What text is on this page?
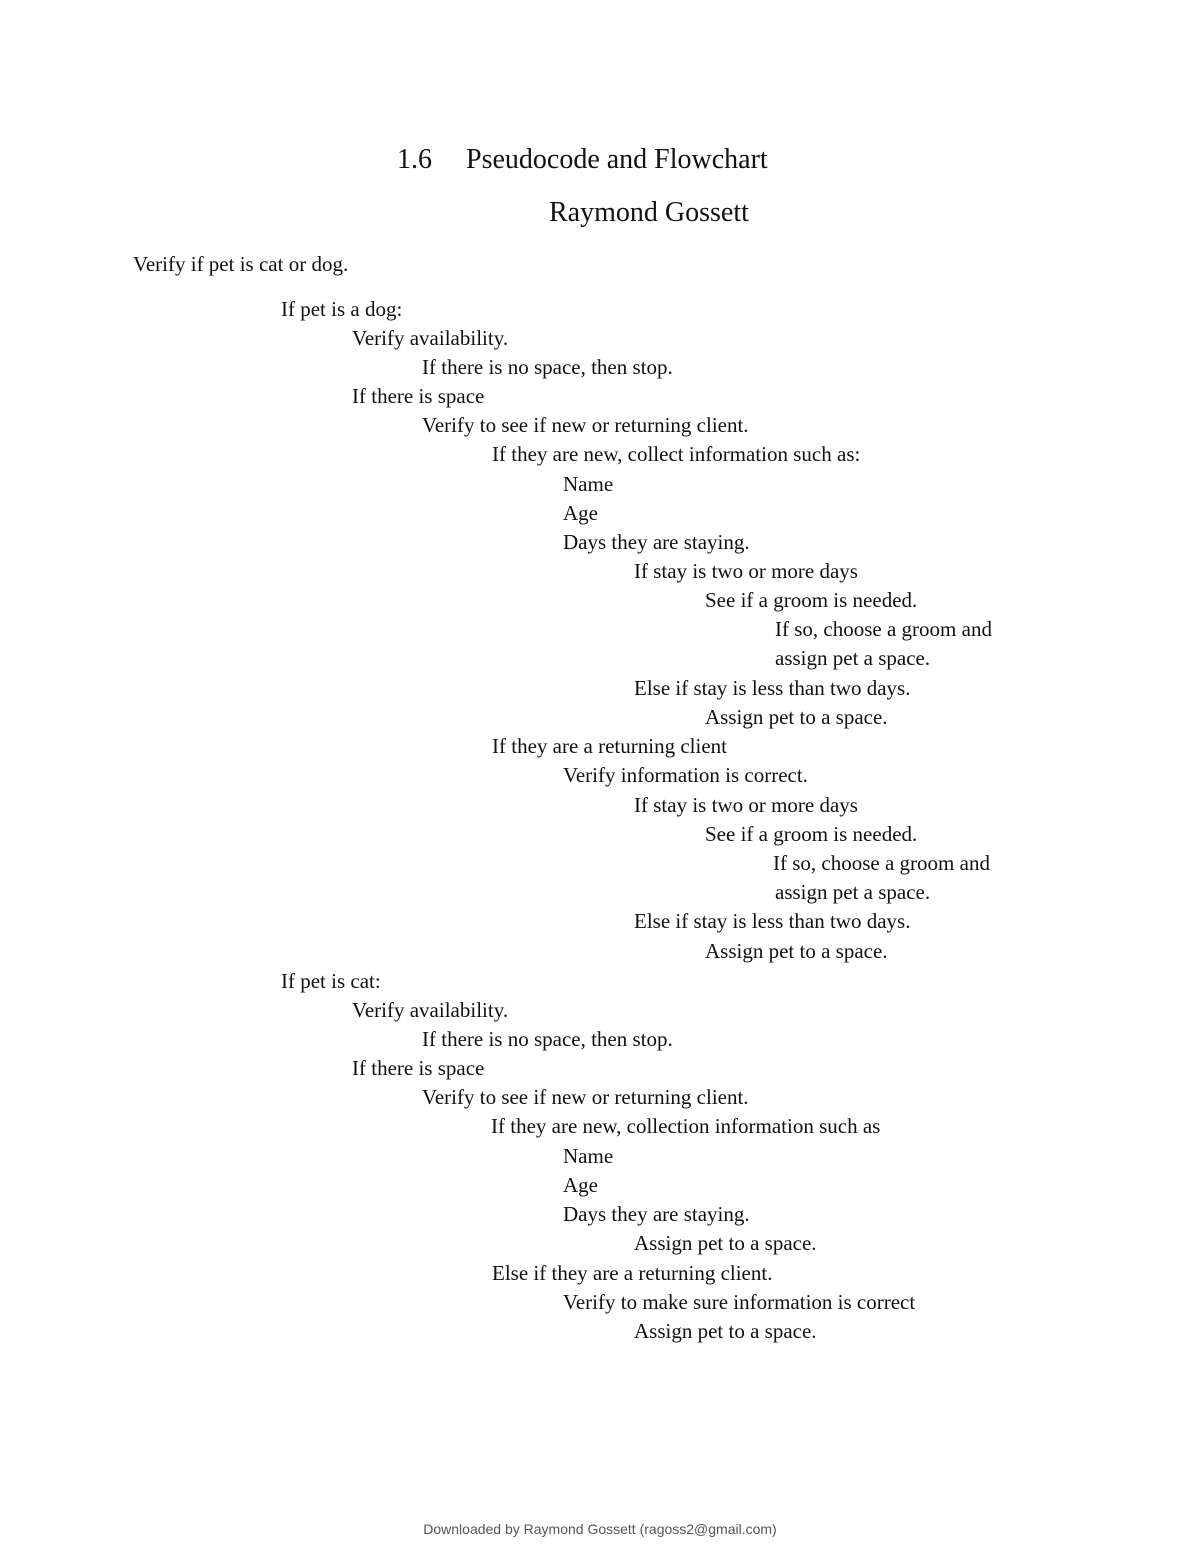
1.6 Pseudocode and Flowchart
Raymond Gossett
Verify if pet is cat or dog.
If pet is a dog:
Verify availability.
If there is no space, then stop.
If there is space
Verify to see if new or returning client.
If they are new, collect information such as:
Name
Age
Days they are staying.
If stay is two or more days
See if a groom is needed.
If so, choose a groom and
assign pet a space.
Else if stay is less than two days.
Assign pet to a space.
If they are a returning client
Verify information is correct.
If stay is two or more days
See if a groom is needed.
If so, choose a groom and
assign pet a space.
Else if stay is less than two days.
Assign pet to a space.
If pet is cat:
Verify availability.
If there is no space, then stop.
If there is space
Verify to see if new or returning client.
If they are new, collection information such as
Name
Age
Days they are staying.
Assign pet to a space.
Else if they are a returning client.
Verify to make sure information is correct
Assign pet to a space.
Downloaded by Raymond Gossett (ragoss2@gmail.com)
